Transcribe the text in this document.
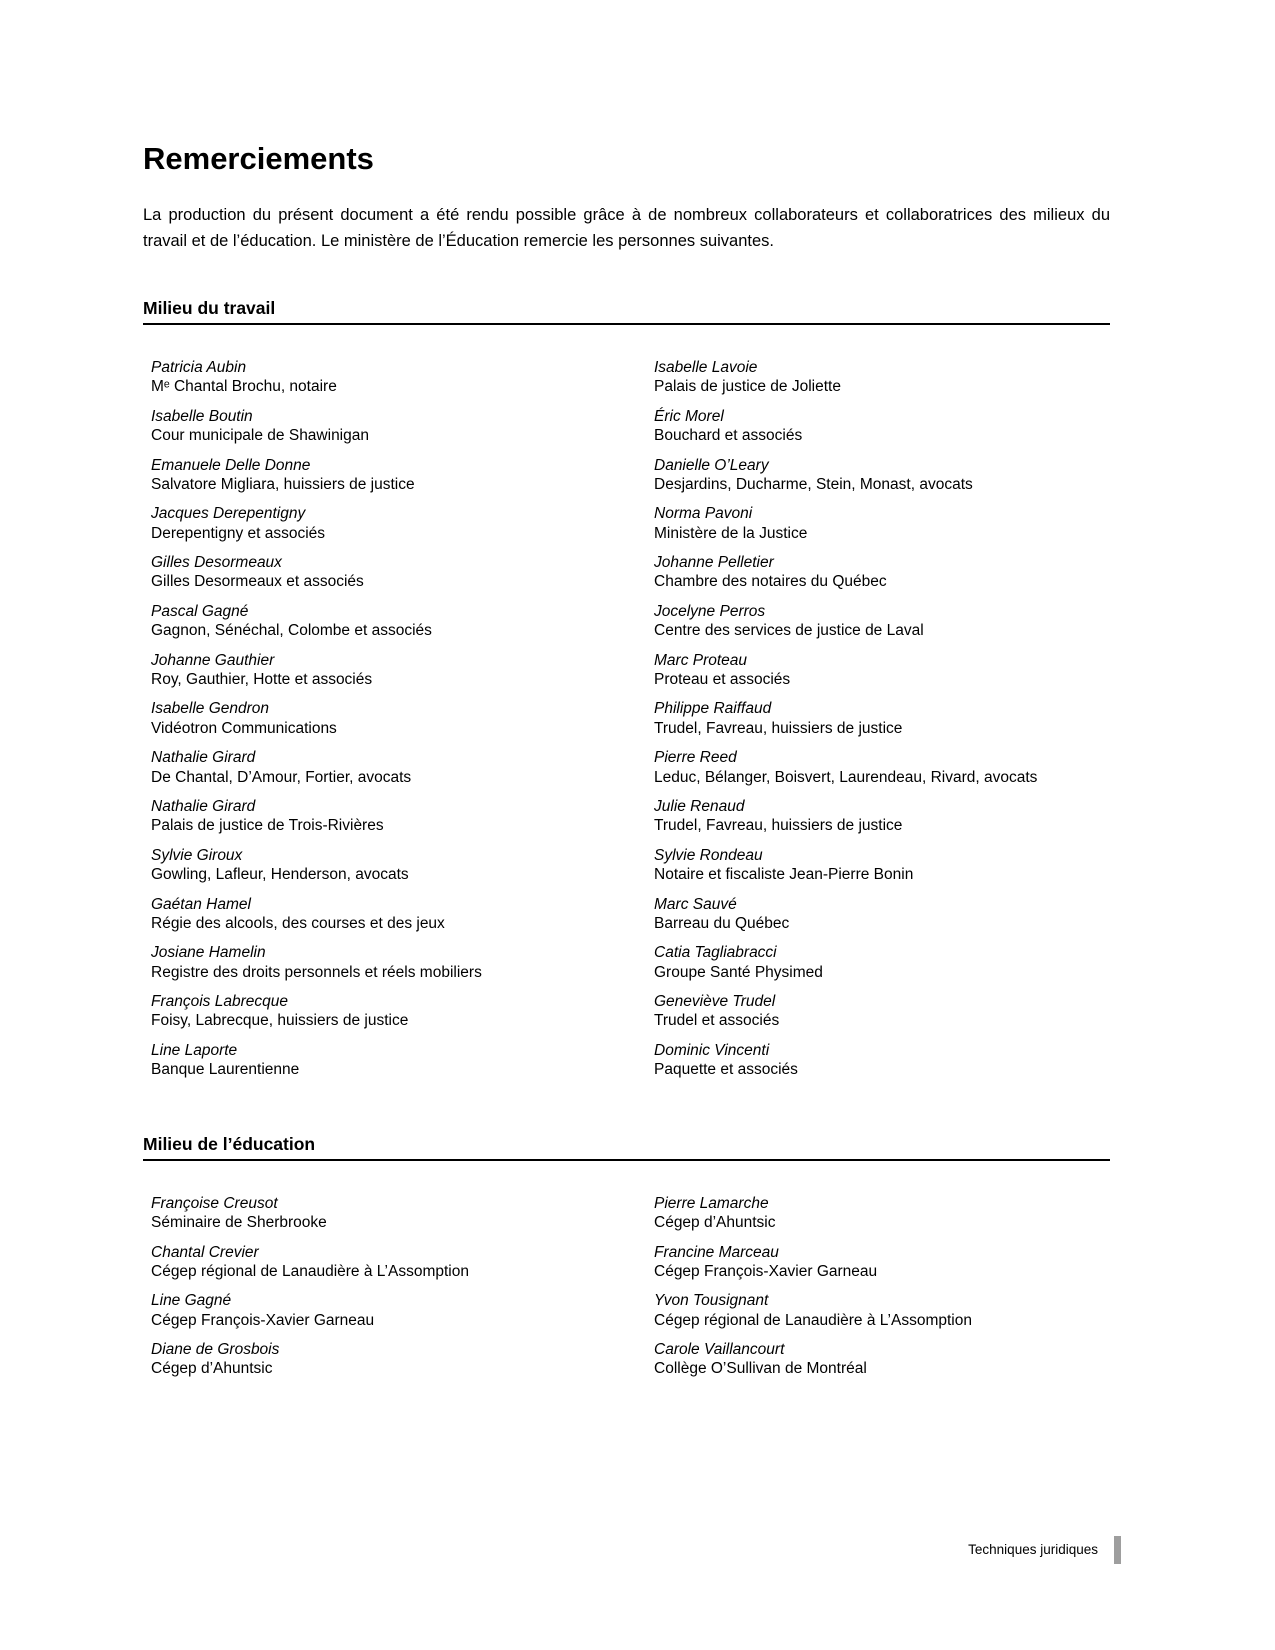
Remerciements

La production du présent document a été rendu possible grâce à de nombreux collaborateurs et collaboratrices des milieux du travail et de l’éducation. Le ministère de l’Éducation remercie les personnes suivantes.

Milieu du travail
Patricia Aubin
Mᵉ Chantal Brochu, notaire
Isabelle Boutin
Cour municipale de Shawinigan
Emanuele Delle Donne
Salvatore Migliara, huissiers de justice
Jacques Derepentigny
Derepentigny et associés
Gilles Desormeaux
Gilles Desormeaux et associés
Pascal Gagné
Gagnon, Sénéchal, Colombe et associés
Johanne Gauthier
Roy, Gauthier, Hotte et associés
Isabelle Gendron
Vidéotron Communications
Nathalie Girard
De Chantal, D’Amour, Fortier, avocats
Nathalie Girard
Palais de justice de Trois-Rivières
Sylvie Giroux
Gowling, Lafleur, Henderson, avocats
Gaétan Hamel
Régie des alcools, des courses et des jeux
Josiane Hamelin
Registre des droits personnels et réels mobiliers
François Labrecque
Foisy, Labrecque, huissiers de justice
Line Laporte
Banque Laurentienne
Isabelle Lavoie
Palais de justice de Joliette
Éric Morel
Bouchard et associés
Danielle O’Leary
Desjardins, Ducharme, Stein, Monast, avocats
Norma Pavoni
Ministère de la Justice
Johanne Pelletier
Chambre des notaires du Québec
Jocelyne Perros
Centre des services de justice de Laval
Marc Proteau
Proteau et associés
Philippe Raiffaud
Trudel, Favreau, huissiers de justice
Pierre Reed
Leduc, Bélanger, Boisvert, Laurendeau, Rivard, avocats
Julie Renaud
Trudel, Favreau, huissiers de justice
Sylvie Rondeau
Notaire et fiscaliste Jean-Pierre Bonin
Marc Sauvé
Barreau du Québec
Catia Tagliabracci
Groupe Santé Physimed
Geneviève Trudel
Trudel et associés
Dominic Vincenti
Paquette et associés
Milieu de l’éducation
Françoise Creusot
Séminaire de Sherbrooke
Chantal Crevier
Cégep régional de Lanaudière à L’Assomption
Line Gagné
Cégep François-Xavier Garneau
Diane de Grosbois
Cégep d’Ahuntsic
Pierre Lamarche
Cégep d’Ahuntsic
Francine Marceau
Cégep François-Xavier Garneau
Yvon Tousignant
Cégep régional de Lanaudière à L’Assomption
Carole Vaillancourt
Collège O’Sullivan de Montréal
Techniques juridiques
